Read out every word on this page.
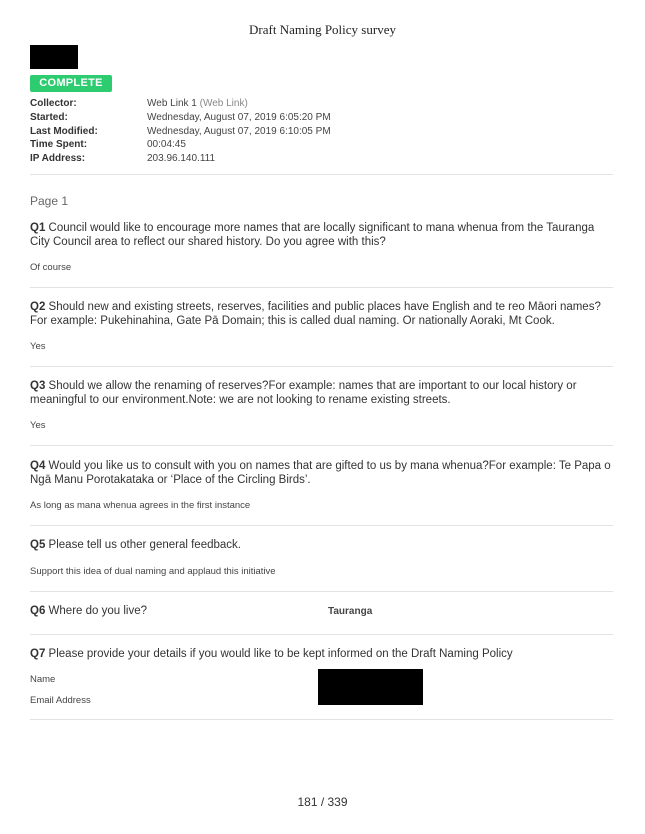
Draft Naming Policy survey
COMPLETE
Collector:	Web Link 1 (Web Link)
Started:	Wednesday, August 07, 2019 6:05:20 PM
Last Modified:	Wednesday, August 07, 2019 6:10:05 PM
Time Spent:	00:04:45
IP Address:	203.96.140.111
Page 1
Q1 Council would like to encourage more names that are locally significant to mana whenua from the Tauranga City Council area to reflect our shared history. Do you agree with this?
Of course
Q2 Should new and existing streets, reserves, facilities and public places have English and te reo Māori names?For example: Pukehinahina, Gate Pā Domain; this is called dual naming. Or nationally Aoraki, Mt Cook.
Yes
Q3 Should we allow the renaming of reserves?For example: names that are important to our local history or meaningful to our environment.Note: we are not looking to rename existing streets.
Yes
Q4 Would you like us to consult with you on names that are gifted to us by mana whenua?For example: Te Papa o Ngā Manu Porotakataka or ‘Place of the Circling Birds’.
As long as mana whenua agrees in the first instance
Q5 Please tell us other general feedback.
Support this idea of dual naming and applaud this initiative
Q6 Where do you live?	Tauranga
Q7 Please provide your details if you would like to be kept informed on the Draft Naming Policy
Name
Email Address
181 / 339
